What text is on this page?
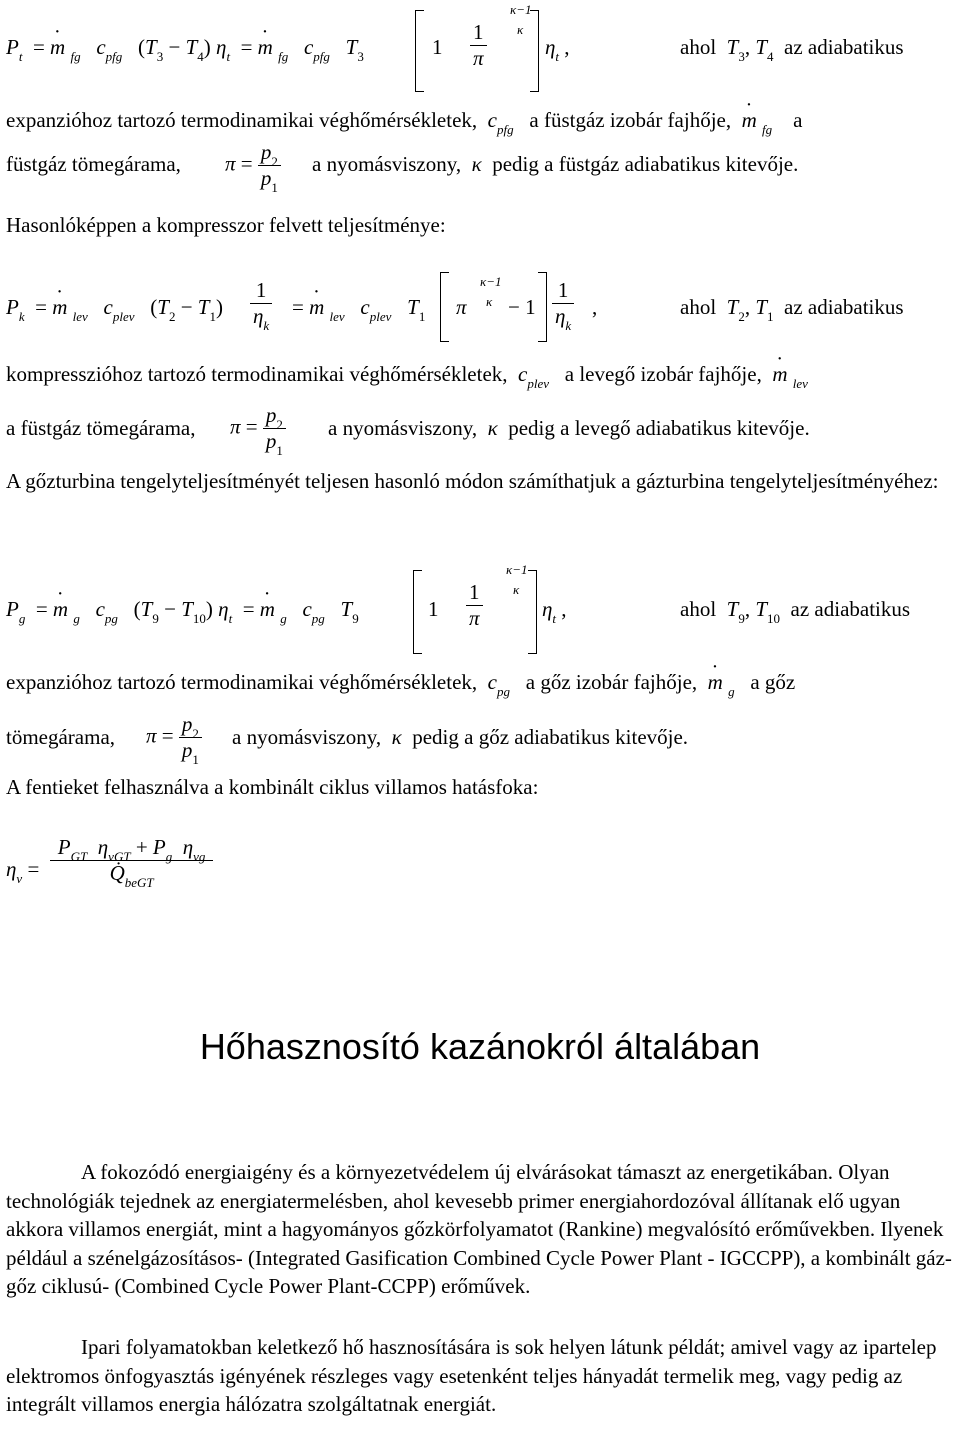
$P_t = m \cdot _{fg}$ $c_{pfg}$   $(T_3 - T_4) \eta_t = m \cdot _{fg}$ $c_{pfg}$ $T_3$	$1 \frac{1}{\pi}$
κ−1
κ
$\eta_t$ ,	ahol $T_3$, $T_4$ az adiabatikus
expanzióhoz tartozó termodinamikai véghőmérsékletek, $c_{pfg}$ a füstgáz izobár fajhője, m · $_{fg}$ a
füstgáz tömegárama, $\pi = \frac{p_2}{p_1}$ a nyomásviszony, κ pedig a füstgáz adiabatikus kitevője.
Hasonlóképpen a kompresszor felvett teljesítménye:
$P_k = m \cdot _{lev}$ $c_{plev}$   $(T_2 - T_1) \frac{1}{\eta_k} = m \cdot _{lev}$ $c_{plev}$ $T_1$ π
κ−1
$\kappa - 1 \frac{1}{\eta_k}$ ,	ahol $T_2$, $T_1$ az adiabatikus
kompresszióhoz tartozó termodinamikai véghőmérsékletek, $c_{plev}$ a levegő izobár fajhője, m · $_{lev}$
a füstgáz tömegárama, $\pi = \frac{p_2}{p_1}$ a nyomásviszony, κ pedig a levegő adiabatikus kitevője.
A gőzturbina tengelyteljesítményét teljesen hasonló módon számíthatjuk a gázturbina tengelyteljesítményéhez:
$P_g = m \cdot _g$ $c_{pg}$   $(T_9 - T_{10}) \eta_t = m \cdot _g$ $c_{pg}$ $T_9$	$1 \frac{1}{\pi}$
κ−1
κ
$\eta_t$ ,	ahol $T_9$, $T_{10}$ az adiabatikus
expanzióhoz tartozó termodinamikai véghőmérsékletek, $c_{pg}$ a gőz izobár fajhője, m · $_g$ a gőz
tömegárama, $\pi = \frac{p_2}{p_1}$ a nyomásviszony, κ pedig a gőz adiabatikus kitevője.
A fentieket felhasználva a kombinált ciklus villamos hatásfoka:
$\eta_v = \frac{P_{GT} \eta_{vGT} + P_g \eta_{vg}}{Q̇_{beGT}}$
Hőhasznosító kazánokról általában
A fokozódó energiaigény és a környezetvédelem új elvárásokat támaszt az energetikában. Olyan technológiák tejednek az energiatermelésben, ahol kevesebb primer energiahordozóval állítanak elő ugyan akkora villamos energiát, mint a hagyományos gőzkörfolyamatot (Rankine) megvalósító erőművekben. Ilyenek például a szénelgázosításos- (Integrated Gasification Combined Cycle Power Plant - IGCCPP), a kombinált gáz-gőz ciklusú- (Combined Cycle Power Plant-CCPP) erőművek.
Ipari folyamatokban keletkező hő hasznosítására is sok helyen látunk példát; amivel vagy az ipartelep elektromos önfogyasztás igényének részleges vagy esetenként teljes hányadát termelik meg, vagy pedig az integrált villamos energia hálózatra szolgáltatnak energiát.
